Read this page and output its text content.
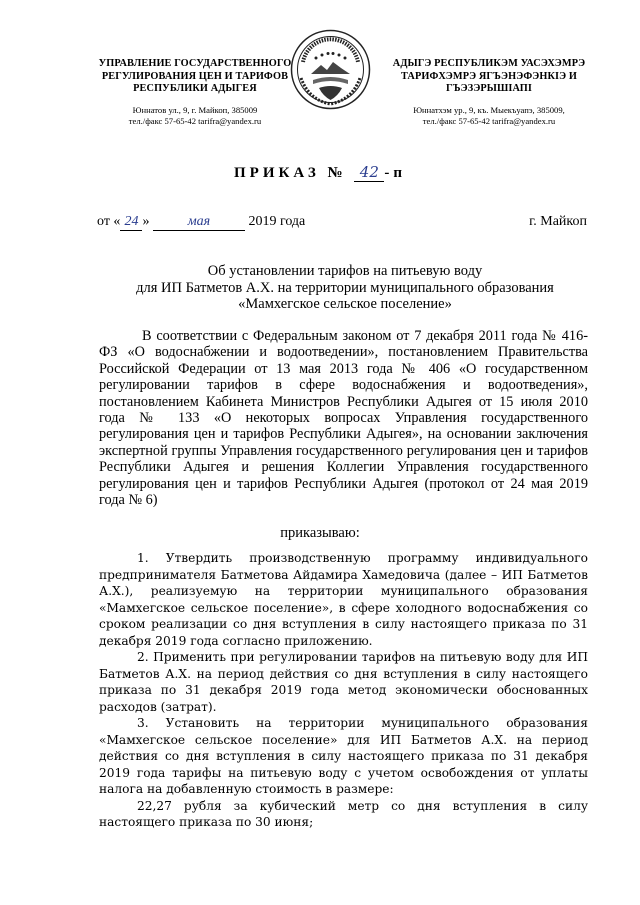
УПРАВЛЕНИЕ ГОСУДАРСТВЕННОГО
РЕГУЛИРОВАНИЯ ЦЕН И ТАРИФОВ
РЕСПУБЛИКИ АДЫГЕЯ
Юннатов ул., 9, г. Майкоп, 385009
тел./факс 57-65-42 tarifra@yandex.ru
АДЫГЭ РЕСПУБЛИКЭМ УАСЭХЭМРЭ
ТАРИФХЭМРЭ ЯГЪЭНЭФЭНКІЭ И
ГЪЭЗЭРЫШІАПІ
Юннатхэм ур., 9, къ. Мыекъуапэ, 385009,
тел./факс 57-65-42 tarifra@yandex.ru
ПРИКАЗ № 42 -п
от « 24 » мая	2019 года	г. Майкоп
Об установлении тарифов на питьевую воду
для ИП Батметов А.Х. на территории муниципального образования
«Мамхегское сельское поселение»

В соответствии с Федеральным законом от 7 декабря 2011 года № 416-ФЗ «О водоснабжении и водоотведении», постановлением Правительства Российской Федерации от 13 мая 2013 года № 406 «О государственном регулировании тарифов в сфере водоснабжения и водоотведения», постановлением Кабинета Министров Республики Адыгея от 15 июля 2010 года № 133 «О некоторых вопросах Управления государственного регулирования цен и тарифов Республики Адыгея», на основании заключения экспертной группы Управления государственного регулирования цен и тарифов Республики Адыгея и решения Коллегии Управления государственного регулирования цен и тарифов Республики Адыгея (протокол от 24 мая 2019 года № 6)

приказываю:

1. Утвердить производственную программу индивидуального предпринимателя Батметова Айдамира Хамедовича (далее – ИП Батметов А.Х.), реализуемую на территории муниципального образования «Мамхегское сельское поселение», в сфере холодного водоснабжения со сроком реализации со дня вступления в силу настоящего приказа по 31 декабря 2019 года согласно приложению.

2. Применить при регулировании тарифов на питьевую воду для ИП Батметов А.Х. на период действия со дня вступления в силу настоящего приказа по 31 декабря 2019 года метод экономически обоснованных расходов (затрат).

3. Установить на территории муниципального образования «Мамхегское сельское поселение» для ИП Батметов А.Х. на период действия со дня вступления в силу настоящего приказа по 31 декабря 2019 года тарифы на питьевую воду с учетом освобождения от уплаты налога на добавленную стоимость в размере:

22,27 рубля за кубический метр со дня вступления в силу настоящего приказа по 30 июня;
